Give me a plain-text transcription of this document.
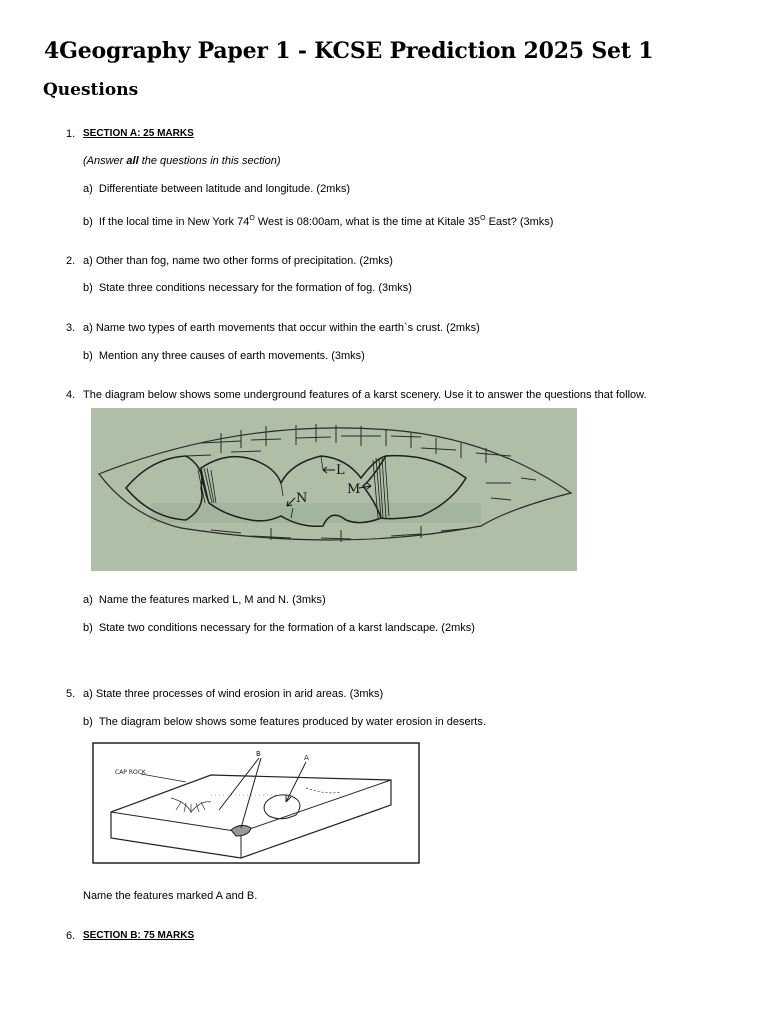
4Geography Paper 1 - KCSE Prediction 2025 Set 1
Questions
1. SECTION A: 25 MARKS
(Answer all the questions in this section)
a)  Differentiate between latitude and longitude. (2mks)
b)  If the local time in New York $74^O$ West is 08:00am, what is the time at Kitale $35^O$ East? (3mks)
2. a) Other than fog, name two other forms of precipitation. (2mks)
b)  State three conditions necessary for the formation of fog. (3mks)
3. a) Name two types of earth movements that occur within the earth`s crust. (2mks)
b)  Mention any three causes of earth movements. (3mks)
4. The diagram below shows some underground features of a karst scenery. Use it to answer the questions that follow.
L
M
N
a)  Name the features marked L, M and N. (3mks)
b)  State two conditions necessary for the formation of a karst landscape. (2mks)
5. a) State three processes of wind erosion in arid areas. (3mks)
b)  The diagram below shows some features produced by water erosion in deserts.
CAP ROCK
B	A
Name the features marked A and B.
6. SECTION B: 75 MARKS
